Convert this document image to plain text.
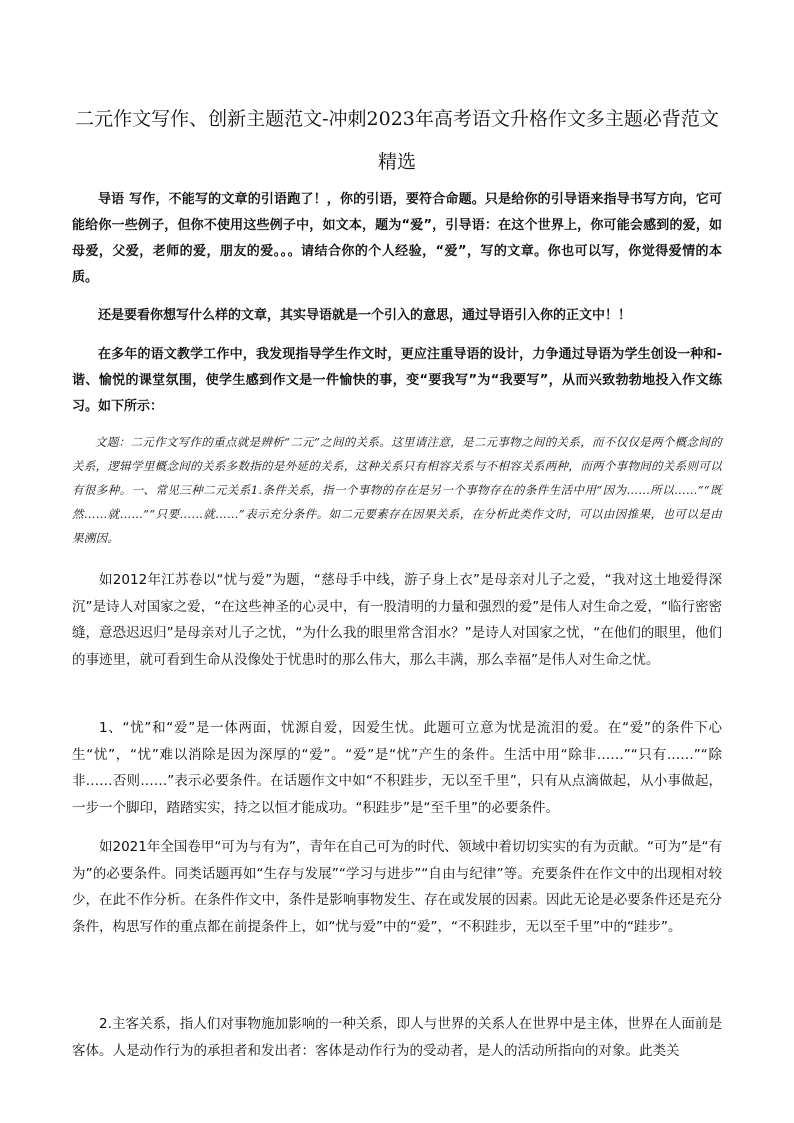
二元作文写作、创新主题范文-冲刺2023年高考语文升格作文多主题必背范文精选

导语 写作，不能写的文章的引语跑了！，你的引语，要符合命题。只是给你的引导语来指导书写方向，它可能给你一些例子，但你不使用这些例子中，如文本，题为“爱”，引导语：在这个世界上，你可能会感到的爱，如母爱，父爱，老师的爱，朋友的爱。。。请结合你的个人经验，“爱”，写的文章。你也可以写，你觉得爱情的本质。

还是要看你想写什么样的文章，其实导语就是一个引入的意思，通过导语引入你的正文中！！

在多年的语文教学工作中，我发现指导学生作文时，更应注重导语的设计，力争通过导语为学生创设一种和-谐、愉悦的课堂氛围，使学生感到作文是一件愉快的事，变“要我写”为“我要写”，从而兴致勃勃地投入作文练习。如下所示：

文题：二元作文写作的重点就是辨析“二元”之间的关系。这里请注意，是二元事物之间的关系，而不仅仅是两个概念间的关系，逻辑学里概念间的关系多数指的是外延的关系，这种关系只有相容关系与不相容关系两种，而两个事物间的关系则可以有很多种。一、常见三种二元关系1.条件关系，指一个事物的存在是另一个事物存在的条件生活中用“因为……所以……”“既然……就……”“只要……就……”表示充分条件。如二元要素存在因果关系，在分析此类作文时，可以由因推果，也可以是由果溯因。

如2012年江苏卷以“忧与爱”为题，“慈母手中线，游子身上衣”是母亲对儿子之爱，“我对这土地爱得深沉”是诗人对国家之爱，“在这些神圣的心灵中，有一股清明的力量和强烈的爱”是伟人对生命之爱，“临行密密缝，意恐迟迟归”是母亲对儿子之忧，“为什么我的眼里常含泪水？”是诗人对国家之忧，“在他们的眼里，他们的事迹里，就可看到生命从没像处于忧患时的那么伟大，那么丰满，那么幸福”是伟人对生命之忧。

1、“忧”和“爱”是一体两面，忧源自爱，因爱生忧。此题可立意为忧是流泪的爱。在“爱”的条件下心生“忧”，“忧”难以消除是因为深厚的“爱”。“爱”是“忧”产生的条件。生活中用“除非……”“只有……”“除非……否则……”表示必要条件。在话题作文中如“不积跬步，无以至千里”，只有从点滴做起，从小事做起，一步一个脚印，踏踏实实，持之以恒才能成功。“积跬步”是“至千里”的必要条件。

如2021年全国卷甲“可为与有为”，青年在自己可为的时代、领域中着切切实实的有为贡献。“可为”是“有为”的必要条件。同类话题再如“生存与发展”“学习与进步”“自由与纪律”等。充要条件在作文中的出现相对较少，在此不作分析。在条件作文中，条件是影响事物发生、存在或发展的因素。因此无论是必要条件还是充分条件，构思写作的重点都在前提条件上，如“忧与爱”中的“爱”，“不积跬步，无以至千里”中的“跬步”。

2.主客关系，指人们对事物施加影响的一种关系，即人与世界的关系人在世界中是主体，世界在人面前是客体。人是动作行为的承担者和发出者：客体是动作行为的受动者，是人的活动所指向的对象。此类关
